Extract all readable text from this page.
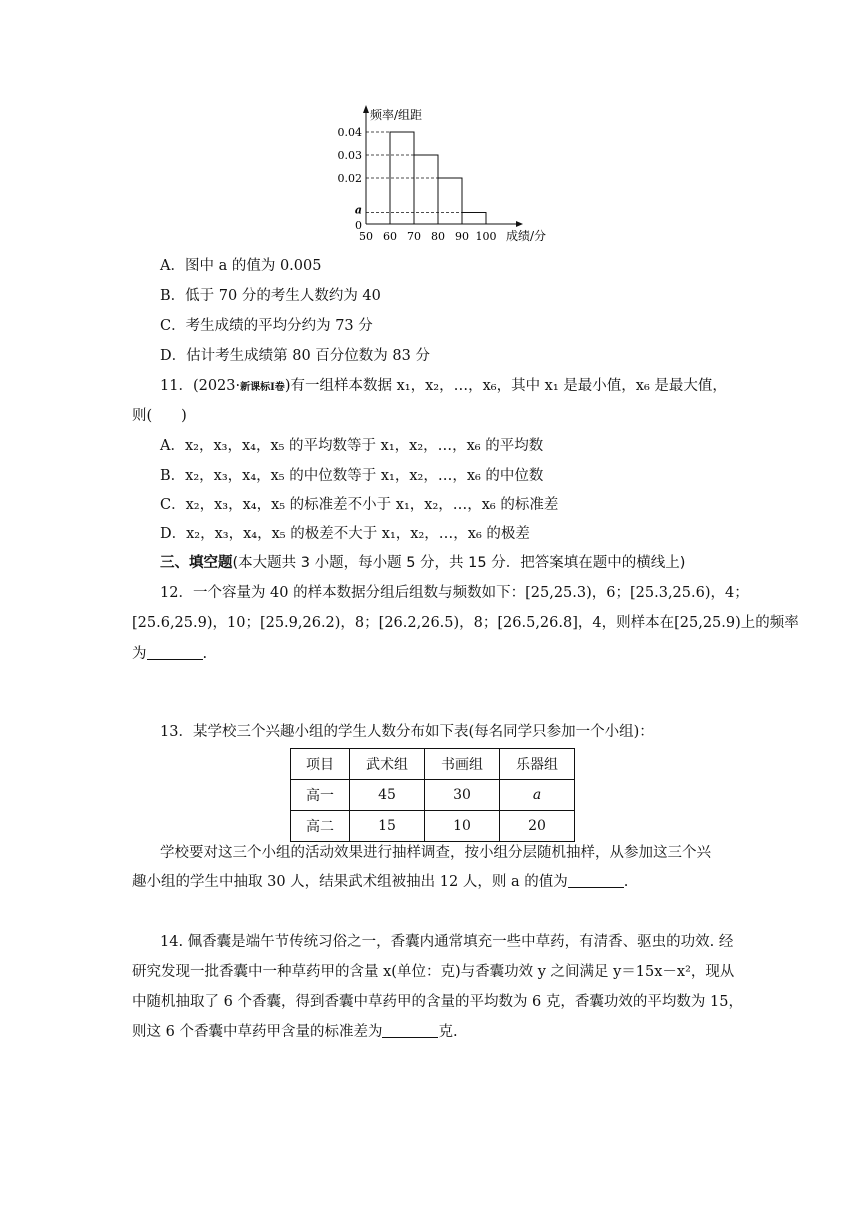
频率/组距
成绩/分
50 60 70 80 90 100
0
a
0.02
0.03
0.04
A．图中 a 的值为 0.005
B．低于 70 分的考生人数约为 40
C．考生成绩的平均分约为 73 分
D．估计考生成绩第 80 百分位数为 83 分
11．(2023·新课标Ⅰ卷)有一组样本数据 x₁，x₂，…，x₆，其中 x₁ 是最小值，x₆ 是最大值，
则(　　)
A．x₂，x₃，x₄，x₅ 的平均数等于 x₁，x₂，…，x₆ 的平均数
B．x₂，x₃，x₄，x₅ 的中位数等于 x₁，x₂，…，x₆ 的中位数
C．x₂，x₃，x₄，x₅ 的标准差不小于 x₁，x₂，…，x₆ 的标准差
D．x₂，x₃，x₄，x₅ 的极差不大于 x₁，x₂，…，x₆ 的极差
三、填空题(本大题共 3 小题，每小题 5 分，共 15 分．把答案填在题中的横线上)
12．一个容量为 40 的样本数据分组后组数与频数如下：[25,25.3)，6；[25.3,25.6)，4；
[25.6,25.9)，10；[25.9,26.2)，8；[26.2,26.5)，8；[26.5,26.8]，4，则样本在[25,25.9)上的频率
为	.
13．某学校三个兴趣小组的学生人数分布如下表(每名同学只参加一个小组)：
项目	武术组	书画组	乐器组
高一	45	30	a
高二	15	10	20
学校要对这三个小组的活动效果进行抽样调查，按小组分层随机抽样，从参加这三个兴
趣小组的学生中抽取 30 人，结果武术组被抽出 12 人，则 a 的值为	.
14. 佩香囊是端午节传统习俗之一，香囊内通常填充一些中草药，有清香、驱虫的功效. 经
研究发现一批香囊中一种草药甲的含量 x(单位：克)与香囊功效 y 之间满足 y＝15x－x²，现从
中随机抽取了 6 个香囊，得到香囊中草药甲的含量的平均数为 6 克，香囊功效的平均数为 15，
则这 6 个香囊中草药甲含量的标准差为	克.
